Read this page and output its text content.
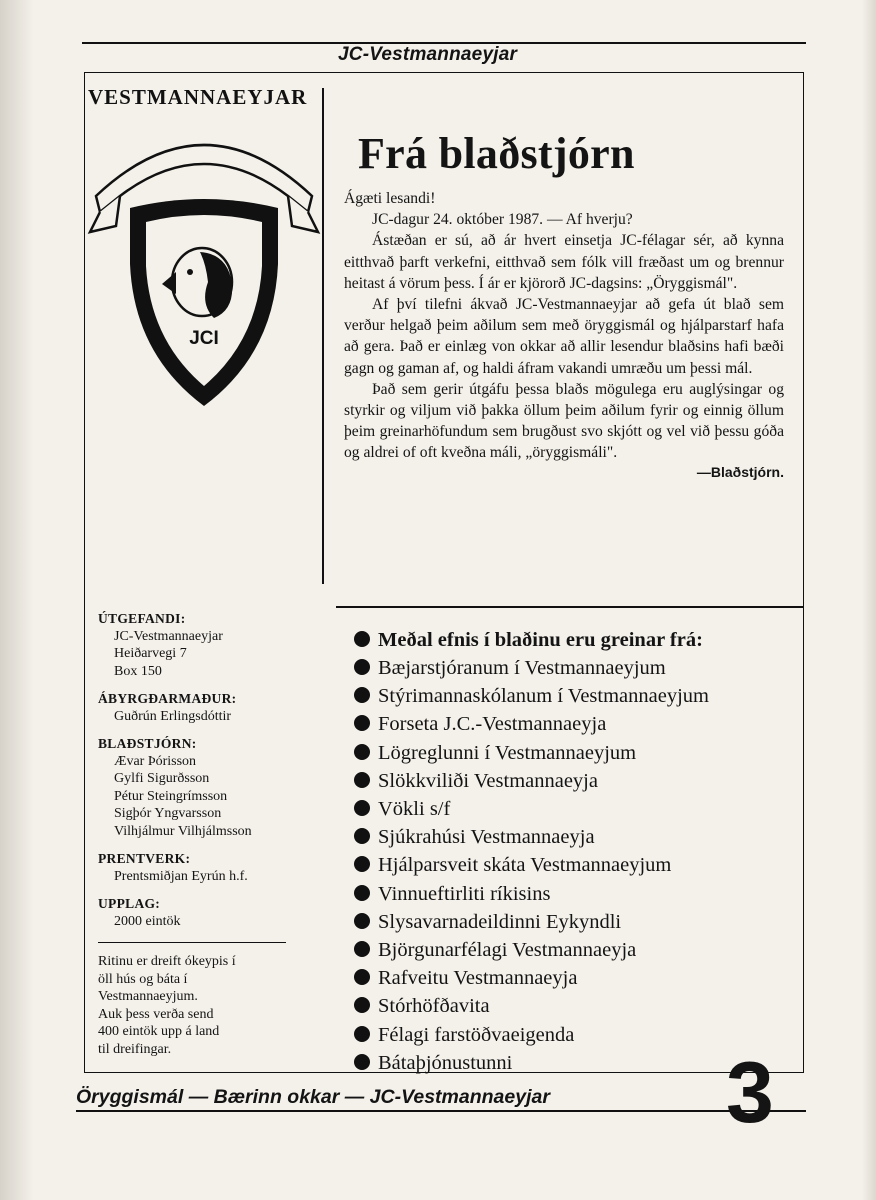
JC-Vestmannaeyjar
VESTMANNAEYJAR
JCI
Frá blaðstjórn

Ágæti lesandi!

JC-dagur 24. október 1987. — Af hverju?

Ástæðan er sú, að ár hvert einsetja JC-félagar sér, að kynna eitthvað þarft verkefni, eitthvað sem fólk vill fræðast um og brennur heitast á vörum þess. Í ár er kjörorð JC-dagsins: „Öryggismál".

Af því tilefni ákvað JC-Vestmannaeyjar að gefa út blað sem verður helgað þeim aðilum sem með öryggismál og hjálparstarf hafa að gera. Það er einlæg von okkar að allir lesendur blaðsins hafi bæði gagn og gaman af, og haldi áfram vakandi umræðu um þessi mál.

Það sem gerir útgáfu þessa blaðs mögulega eru auglýsingar og styrkir og viljum við þakka öllum þeim aðilum fyrir og einnig öllum þeim greinarhöfundum sem brugðust svo skjótt og vel við þessu góða og aldrei of oft kveðna máli, „öryggismáli".

—Blaðstjórn.
ÚTGEFANDI:
JC-Vestmannaeyjar
Heiðarvegi 7
Box 150
ÁBYRGÐARMAÐUR:
Guðrún Erlingsdóttir
BLAÐSTJÓRN:
Ævar Þórisson
Gylfi Sigurðsson
Pétur Steingrímsson
Sigþór Yngvarsson
Vilhjálmur Vilhjálmsson
PRENTVERK:
Prentsmiðjan Eyrún h.f.
UPPLAG:
2000 eintök
Ritinu er dreift ókeypis í
öll hús og báta í
Vestmannaeyjum.
Auk þess verða send
400 eintök upp á land
til dreifingar.
Meðal efnis í blaðinu eru greinar frá:
Bæjarstjóranum í Vestmannaeyjum
Stýrimannaskólanum í Vestmannaeyjum
Forseta J.C.-Vestmannaeyja
Lögreglunni í Vestmannaeyjum
Slökkviliði Vestmannaeyja
Vökli s/f
Sjúkrahúsi Vestmannaeyja
Hjálparsveit skáta Vestmannaeyjum
Vinnueftirliti ríkisins
Slysavarnadeildinni Eykyndli
Björgunarfélagi Vestmannaeyja
Rafveitu Vestmannaeyja
Stórhöfðavita
Félagi farstöðvaeigenda
Bátaþjónustunni
Öryggismál — Bærinn okkar — JC-Vestmannaeyjar 3
